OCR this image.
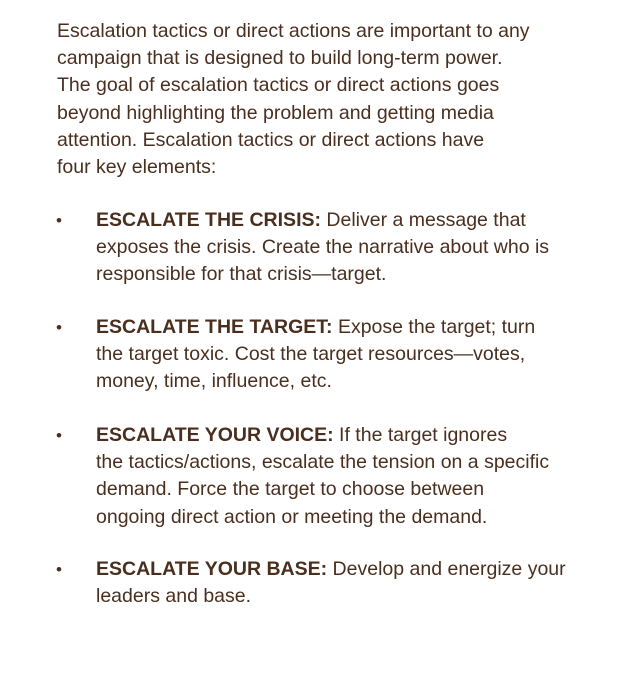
Escalation tactics or direct actions are important to any
campaign that is designed to build long-term power.
The goal of escalation tactics or direct actions goes
beyond highlighting the problem and getting media
attention. Escalation tactics or direct actions have
four key elements:

• ESCALATE THE CRISIS: Deliver a message that
exposes the crisis. Create the narrative about who is
responsible for that crisis—target.
• ESCALATE THE TARGET: Expose the target; turn
the target toxic. Cost the target resources—votes,
money, time, influence, etc.
• ESCALATE YOUR VOICE: If the target ignores
the tactics/actions, escalate the tension on a specific
demand. Force the target to choose between
ongoing direct action or meeting the demand.
• ESCALATE YOUR BASE: Develop and energize your
leaders and base.
